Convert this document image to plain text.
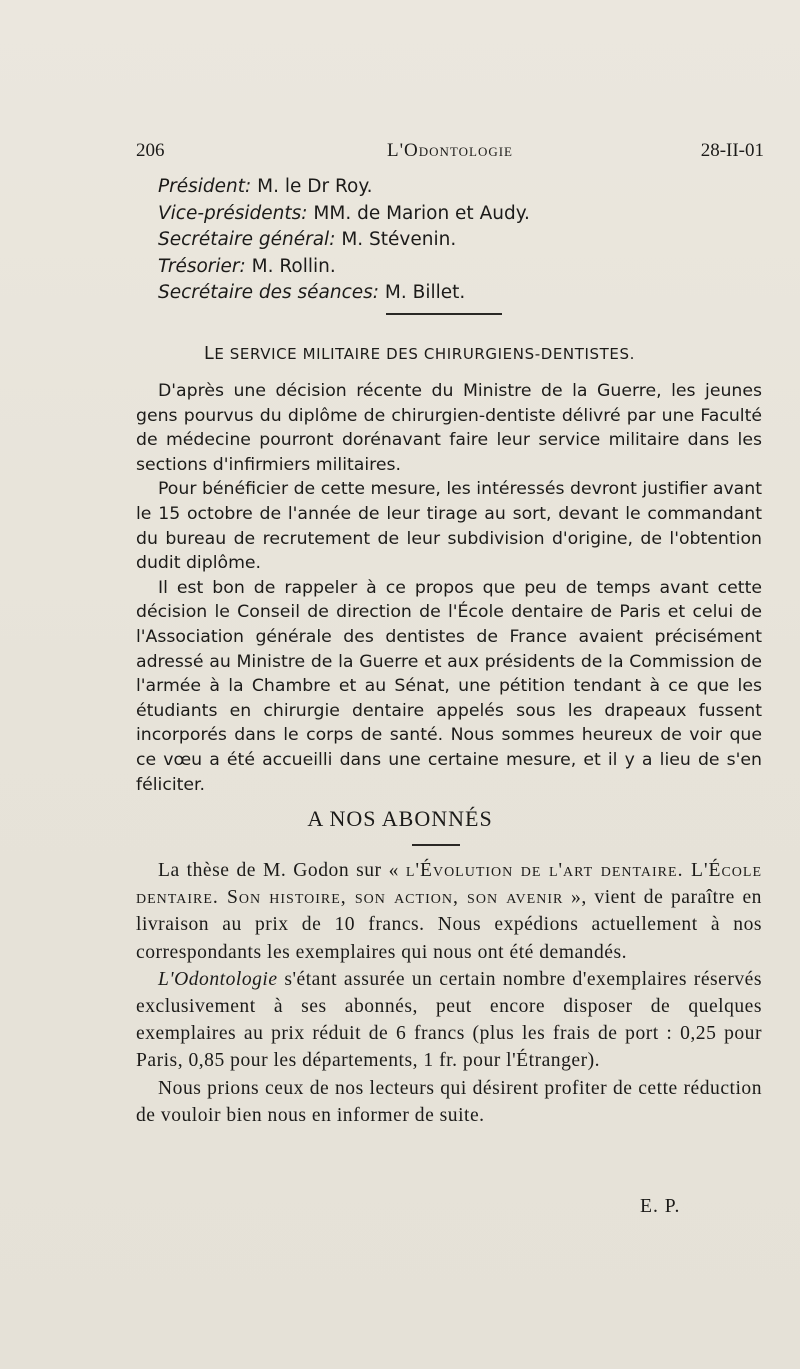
206	L'Odontologie	28-II-01
Président: M. le Dr Roy.
Vice-présidents: MM. de Marion et Audy.
Secrétaire général: M. Stévenin.
Trésorier: M. Rollin.
Secrétaire des séances: M. Billet.
LE SERVICE MILITAIRE DES CHIRURGIENS-DENTISTES.

D'après une décision récente du Ministre de la Guerre, les jeunes gens pourvus du diplôme de chirurgien-dentiste délivré par une Faculté de médecine pourront dorénavant faire leur service militaire dans les sections d'infirmiers militaires.

Pour bénéficier de cette mesure, les intéressés devront justifier avant le 15 octobre de l'année de leur tirage au sort, devant le commandant du bureau de recrutement de leur subdivision d'origine, de l'obtention dudit diplôme.

Il est bon de rappeler à ce propos que peu de temps avant cette décision le Conseil de direction de l'École dentaire de Paris et celui de l'Association générale des dentistes de France avaient précisément adressé au Ministre de la Guerre et aux présidents de la Commission de l'armée à la Chambre et au Sénat, une pétition tendant à ce que les étudiants en chirurgie dentaire appelés sous les drapeaux fussent incorporés dans le corps de santé. Nous sommes heureux de voir que ce vœu a été accueilli dans une certaine mesure, et il y a lieu de s'en féliciter.

A NOS ABONNÉS

La thèse de M. Godon sur « l'Évolution de l'art dentaire. L'École dentaire. Son histoire, son action, son avenir », vient de paraître en livraison au prix de 10 francs. Nous expédions actuellement à nos correspondants les exemplaires qui nous ont été demandés.

L'Odontologie s'étant assurée un certain nombre d'exemplaires réservés exclusivement à ses abonnés, peut encore disposer de quelques exemplaires au prix réduit de 6 francs (plus les frais de port : 0,25 pour Paris, 0,85 pour les départements, 1 fr. pour l'Étranger).

Nous prions ceux de nos lecteurs qui désirent profiter de cette réduction de vouloir bien nous en informer de suite.

E. P.
